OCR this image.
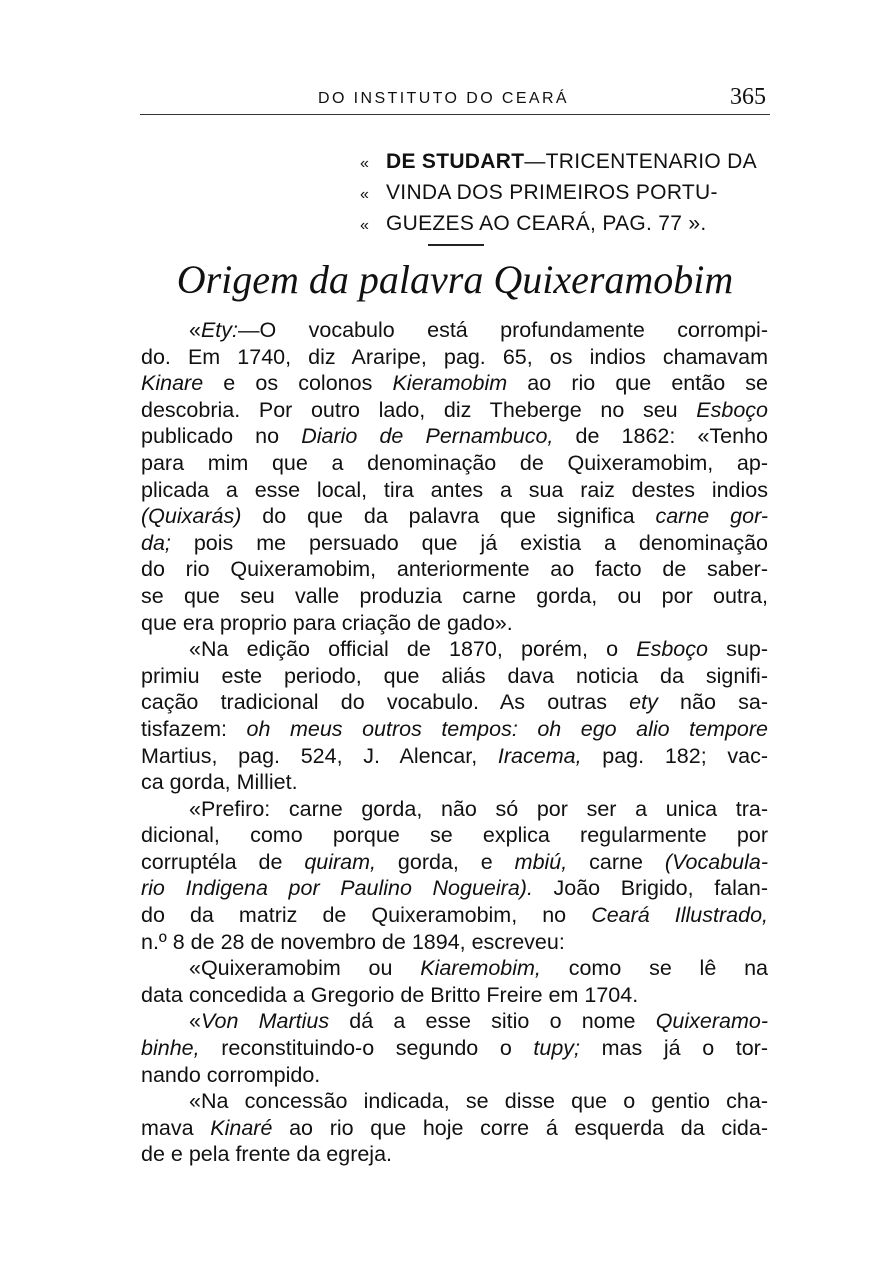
DO INSTITUTO DO CEARÁ	365
« DE STUDART—TRICENTENARIO DA
« VINDA DOS PRIMEIROS PORTU-
« GUEZES AO CEARÁ, PAG. 77 ».
Origem da palavra Quixeramobim
«Ety:—O vocabulo está profundamente corrompi-
do. Em 1740, diz Araripe, pag. 65, os indios chamavam
Kinare e os colonos Kieramobim ao rio que então se
descobria. Por outro lado, diz Theberge no seu Esboço
publicado no Diario de Pernambuco, de 1862: «Tenho
para mim que a denominação de Quixeramobim, ap-
plicada a esse local, tira antes a sua raiz destes indios
(Quixarás) do que da palavra que significa carne gor-
da; pois me persuado que já existia a denominação
do rio Quixeramobim, anteriormente ao facto de saber-
se que seu valle produzia carne gorda, ou por outra,
que era proprio para criação de gado».
«Na edição official de 1870, porém, o Esboço sup-
primiu este periodo, que aliás dava noticia da signifi-
cação tradicional do vocabulo. As outras ety não sa-
tisfazem: oh meus outros tempos: oh ego alio tempore
Martius, pag. 524, J. Alencar, Iracema, pag. 182; vac-
ca gorda, Milliet.
«Prefiro: carne gorda, não só por ser a unica tra-
dicional, como porque se explica regularmente por
corruptéla de quiram, gorda, e mbiú, carne (Vocabula-
rio Indigena por Paulino Nogueira). João Brigido, falan-
do da matriz de Quixeramobim, no Ceará Illustrado,
n.º 8 de 28 de novembro de 1894, escreveu:
«Quixeramobim ou Kiaremobim, como se lê na
data concedida a Gregorio de Britto Freire em 1704.
«Von Martius dá a esse sitio o nome Quixeramo-
binhe, reconstituindo-o segundo o tupy; mas já o tor-
nando corrompido.
«Na concessão indicada, se disse que o gentio cha-
mava Kinaré ao rio que hoje corre á esquerda da cida-
de e pela frente da egreja.
